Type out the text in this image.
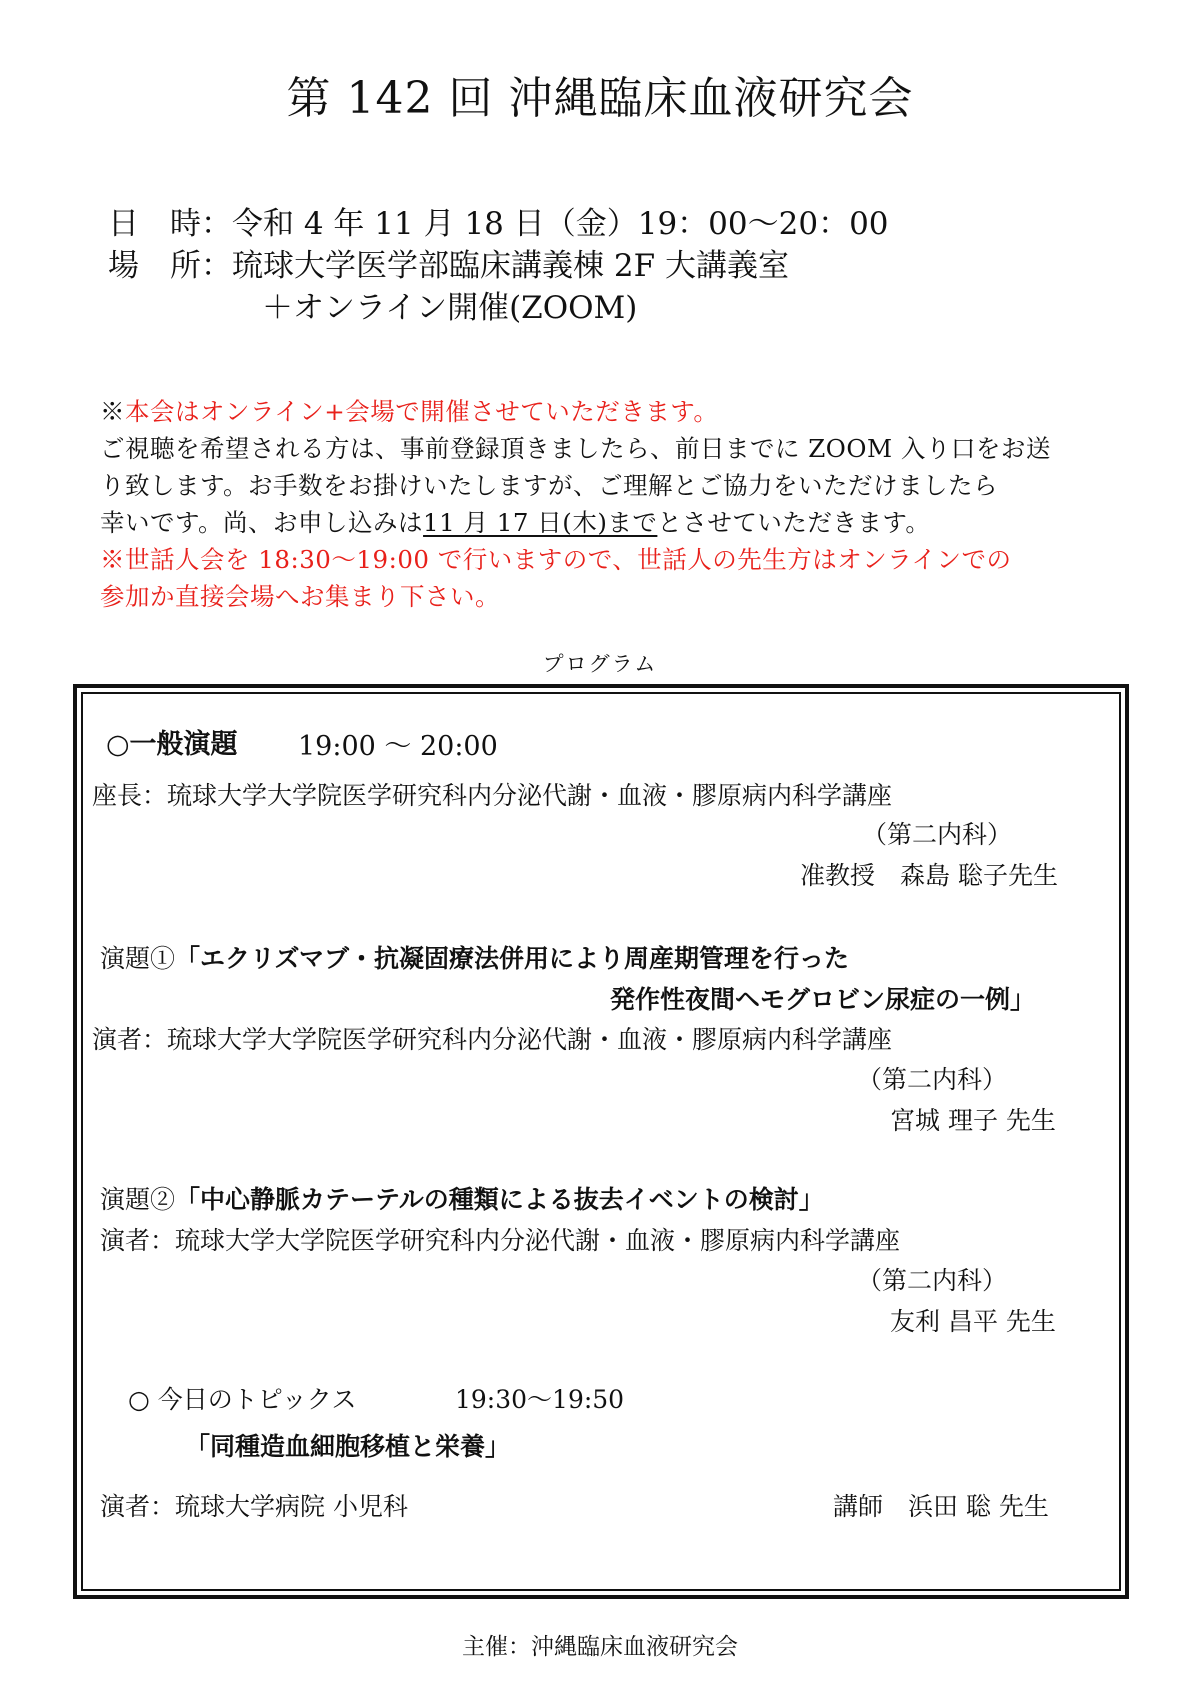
第 142 回 沖縄臨床血液研究会
日　時：令和 4 年 11 月 18 日（金）19：00～20：00
場　所：琉球大学医学部臨床講義棟 2F 大講義室
＋オンライン開催(ZOOM)
※本会はオンライン+会場で開催させていただきます。
ご視聴を希望される方は、事前登録頂きましたら、前日までに ZOOM 入り口をお送
り致します。お手数をお掛けいたしますが、ご理解とご協力をいただけましたら
幸いです。尚、お申し込みは11 月 17 日(木)までとさせていただきます。
※世話人会を 18:30～19:00 で行いますので、世話人の先生方はオンラインでの
参加か直接会場へお集まり下さい。
プログラム
○一般演題 19:00 〜 20:00
座長：琉球大学大学院医学研究科内分泌代謝・血液・膠原病内科学講座
（第二内科）
准教授　森島 聡子先生
演題①「エクリズマブ・抗凝固療法併用により周産期管理を行った
発作性夜間ヘモグロビン尿症の一例」
演者：琉球大学大学院医学研究科内分泌代謝・血液・膠原病内科学講座
（第二内科）
宮城 理子 先生
演題②「中心静脈カテーテルの種類による抜去イベントの検討」
演者：琉球大学大学院医学研究科内分泌代謝・血液・膠原病内科学講座
（第二内科）
友利 昌平 先生
○ 今日のトピックス	19:30〜19:50
「同種造血細胞移植と栄養」
演者：琉球大学病院 小児科	講師　浜田 聡 先生
主催：沖縄臨床血液研究会
